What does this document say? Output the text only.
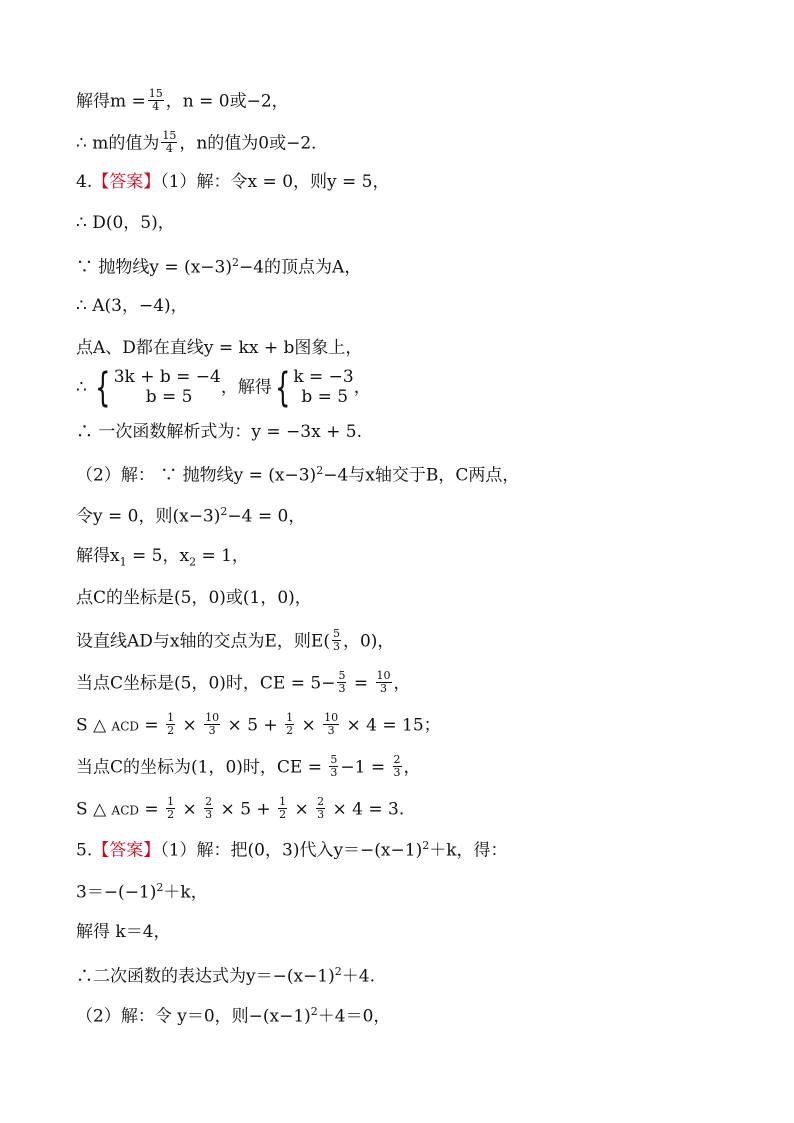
解得$m = \frac{15}{4}$ ，n = 0或−2，
∴ m的值为 $\frac{15}{4}$ ，n的值为0或−2．
4.【答案】（1）解：令x = 0，则y = 5，
∴ D(0，5)，
∵ 抛物线$y = (x-3)^2-4$的顶点为A，
∴ A(3，−4)，
点A、D都在直线y = kx + b图象上，
∴ { 3k + b = −4
b = 5	，解得{ k = −3
b = 5 ，
∴ 一次函数解析式为：y = −3x + 5.
（2）解： ∵ 抛物线$y = (x-3)^2-4$与x轴交于B，C两点，
令y = 0，则$(x-3)^2-4 = 0$，
解得$x_1 = 5$，$x_2 = 1$，
点C的坐标是(5，0)或(1，0)，
设直线AD与x轴的交点为E，则$E( \frac{5}{3}$ ，0)，
当点C坐标是(5，0)时，CE = $5- \frac{5}{3} = \frac{10}{3}$ ，
S △ ACD = $\frac{1}{2} \times \frac{10}{3} \times 5 + \frac{1}{2} \times \frac{10}{3} \times 4 = 15$；
当点C的坐标为(1，0)时，CE = $\frac{5}{3} -1 = \frac{2}{3}$ ，
S △ ACD = $\frac{1}{2} \times \frac{2}{3} \times 5 + \frac{1}{2} \times \frac{2}{3} \times 4 = 3$.
5.【答案】（1）解：把(0，3)代入$y=-(x-1)^2+k$，得：
$3=-(-1)^2+k$，
解得 k＝4，
∴二次函数的表达式为$y=-(x-1)^2+4$.
（2）解：令 y＝0，则$-(x-1)^2+4=0$，
